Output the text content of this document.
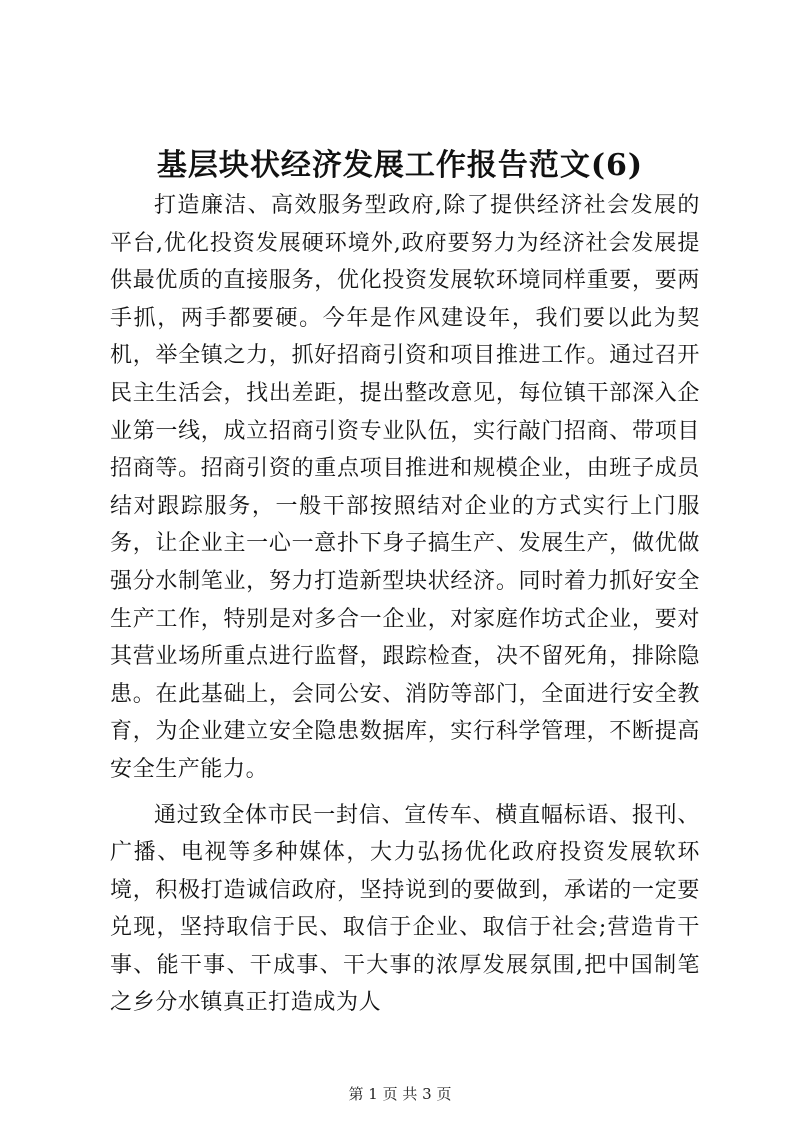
基层块状经济发展工作报告范文(6)

打造廉洁、高效服务型政府,除了提供经济社会发展的平台,优化投资发展硬环境外,政府要努力为经济社会发展提供最优质的直接服务，优化投资发展软环境同样重要，要两手抓，两手都要硬。今年是作风建设年，我们要以此为契机，举全镇之力，抓好招商引资和项目推进工作。通过召开民主生活会，找出差距，提出整改意见，每位镇干部深入企业第一线，成立招商引资专业队伍，实行敲门招商、带项目招商等。招商引资的重点项目推进和规模企业，由班子成员结对跟踪服务，一般干部按照结对企业的方式实行上门服务，让企业主一心一意扑下身子搞生产、发展生产，做优做强分水制笔业，努力打造新型块状经济。同时着力抓好安全生产工作，特别是对多合一企业，对家庭作坊式企业，要对其营业场所重点进行监督，跟踪检查，决不留死角，排除隐患。在此基础上，会同公安、消防等部门，全面进行安全教育，为企业建立安全隐患数据库，实行科学管理，不断提高安全生产能力。

通过致全体市民一封信、宣传车、横直幅标语、报刊、广播、电视等多种媒体，大力弘扬优化政府投资发展软环境，积极打造诚信政府，坚持说到的要做到，承诺的一定要兑现，坚持取信于民、取信于企业、取信于社会;营造肯干事、能干事、干成事、干大事的浓厚发展氛围,把中国制笔之乡分水镇真正打造成为人

第 1 页 共 3 页
